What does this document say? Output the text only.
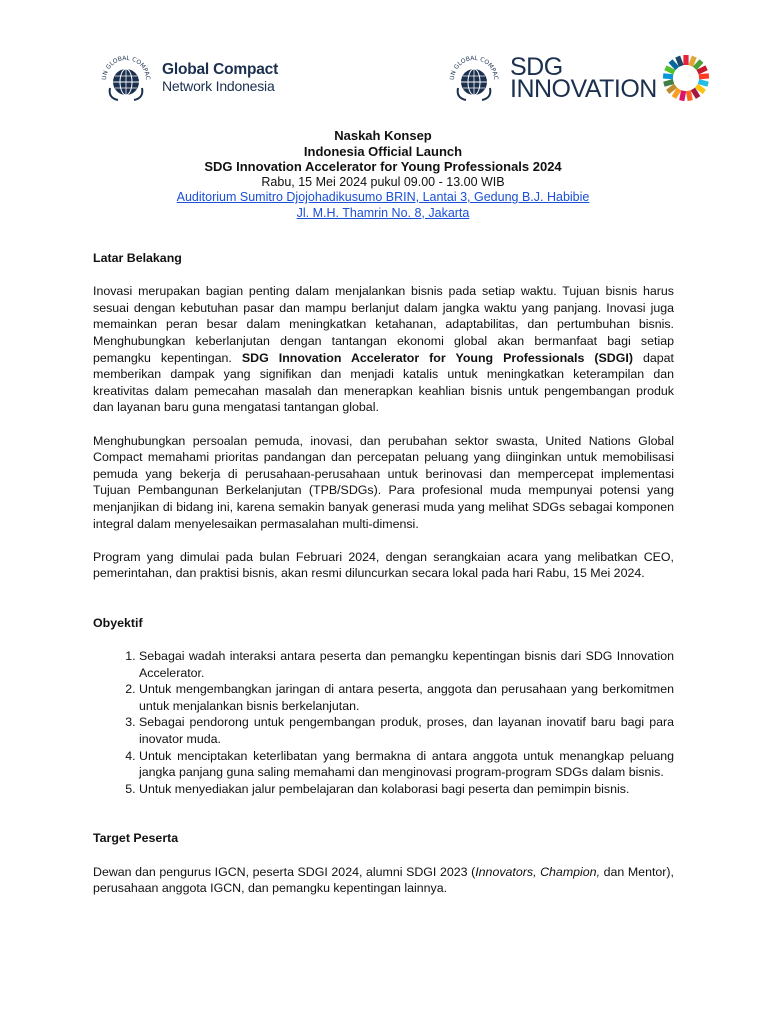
UN GLOBAL COMPAC Global Compact
Network Indonesia
UN GLOBAL COMPAC SDG
INNOVATION
Naskah Konsep
Indonesia Official Launch
SDG Innovation Accelerator for Young Professionals 2024
Rabu, 15 Mei 2024 pukul 09.00 - 13.00 WIB
Auditorium Sumitro Djojohadikusumo BRIN, Lantai 3, Gedung B.J. Habibie
Jl. M.H. Thamrin No. 8, Jakarta

Latar Belakang

Inovasi merupakan bagian penting dalam menjalankan bisnis pada setiap waktu. Tujuan bisnis harus sesuai dengan kebutuhan pasar dan mampu berlanjut dalam jangka waktu yang panjang. Inovasi juga memainkan peran besar dalam meningkatkan ketahanan, adaptabilitas, dan pertumbuhan bisnis. Menghubungkan keberlanjutan dengan tantangan ekonomi global akan bermanfaat bagi setiap pemangku kepentingan. SDG Innovation Accelerator for Young Professionals (SDGI) dapat memberikan dampak yang signifikan dan menjadi katalis untuk meningkatkan keterampilan dan kreativitas dalam pemecahan masalah dan menerapkan keahlian bisnis untuk pengembangan produk dan layanan baru guna mengatasi tantangan global.

Menghubungkan persoalan pemuda, inovasi, dan perubahan sektor swasta, United Nations Global Compact memahami prioritas pandangan dan percepatan peluang yang diinginkan untuk memobilisasi pemuda yang bekerja di perusahaan-perusahaan untuk berinovasi dan mempercepat implementasi Tujuan Pembangunan Berkelanjutan (TPB/SDGs). Para profesional muda mempunyai potensi yang menjanjikan di bidang ini, karena semakin banyak generasi muda yang melihat SDGs sebagai komponen integral dalam menyelesaikan permasalahan multi-dimensi.

Program yang dimulai pada bulan Februari 2024, dengan serangkaian acara yang melibatkan CEO, pemerintahan, dan praktisi bisnis, akan resmi diluncurkan secara lokal pada hari Rabu, 15 Mei 2024.

Obyektif

1. Sebagai wadah interaksi antara peserta dan pemangku kepentingan bisnis dari SDG Innovation Accelerator.
2. Untuk mengembangkan jaringan di antara peserta, anggota dan perusahaan yang berkomitmen untuk menjalankan bisnis berkelanjutan.
3. Sebagai pendorong untuk pengembangan produk, proses, dan layanan inovatif baru bagi para inovator muda.
4. Untuk menciptakan keterlibatan yang bermakna di antara anggota untuk menangkap peluang jangka panjang guna saling memahami dan menginovasi program-program SDGs dalam bisnis.
5. Untuk menyediakan jalur pembelajaran dan kolaborasi bagi peserta dan pemimpin bisnis.

Target Peserta

Dewan dan pengurus IGCN, peserta SDGI 2024, alumni SDGI 2023 (Innovators, Champion, dan Mentor), perusahaan anggota IGCN, dan pemangku kepentingan lainnya.
